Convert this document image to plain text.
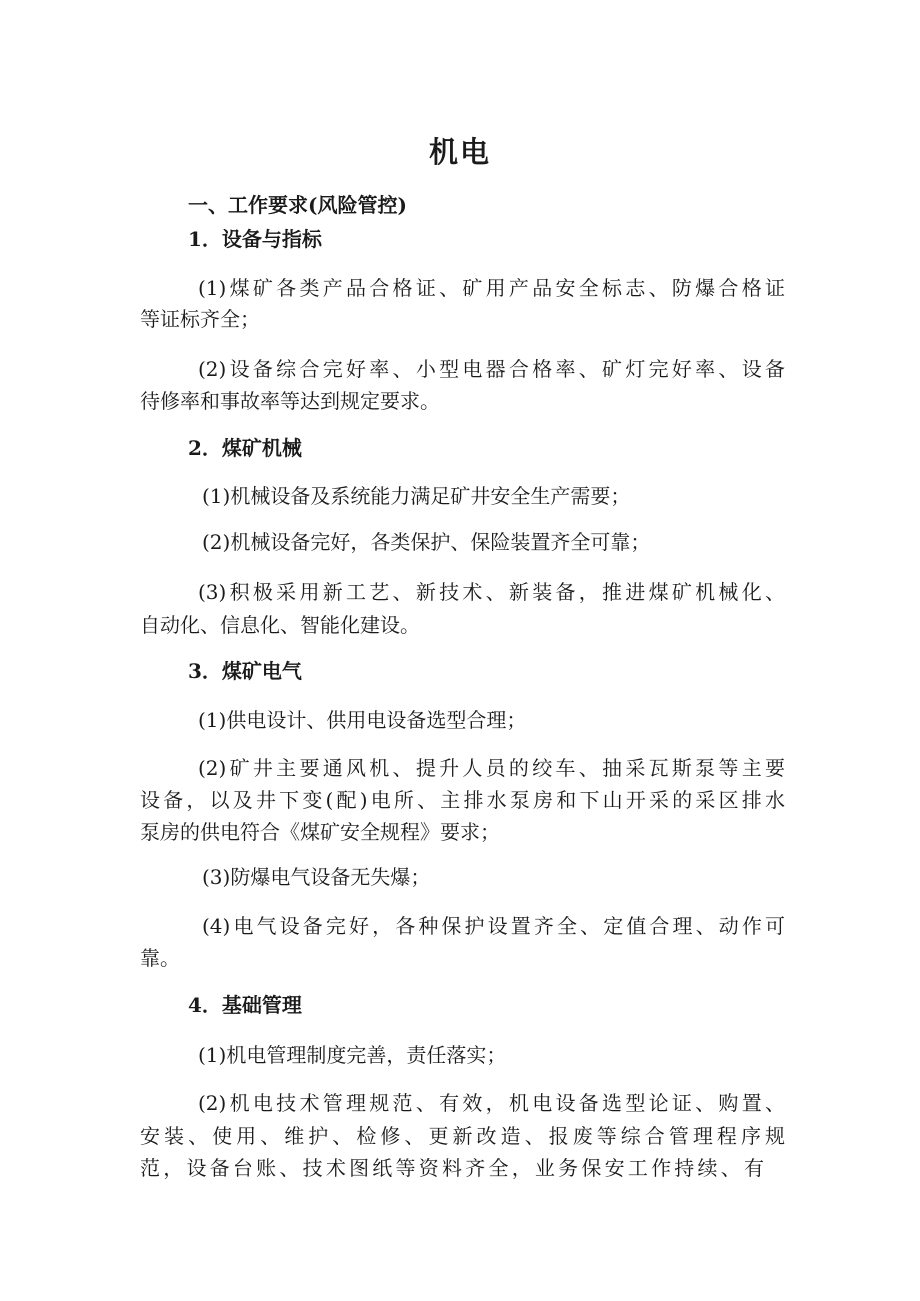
机电
一、工作要求(风险管控)
1．设备与指标
(1)煤矿各类产品合格证、矿用产品安全标志、防爆合格证
等证标齐全；
(2)设备综合完好率、小型电器合格率、矿灯完好率、设备
待修率和事故率等达到规定要求。
2．煤矿机械
(1)机械设备及系统能力满足矿井安全生产需要；
(2)机械设备完好，各类保护、保险装置齐全可靠；
(3)积极采用新工艺、新技术、新装备，推进煤矿机械化、
自动化、信息化、智能化建设。
3．煤矿电气
(1)供电设计、供用电设备选型合理；
(2)矿井主要通风机、提升人员的绞车、抽采瓦斯泵等主要
设备，以及井下变(配)电所、主排水泵房和下山开采的采区排水
泵房的供电符合《煤矿安全规程》要求；
(3)防爆电气设备无失爆；
(4)电气设备完好，各种保护设置齐全、定值合理、动作可
靠。
4．基础管理
(1)机电管理制度完善，责任落实；
(2)机电技术管理规范、有效，机电设备选型论证、购置、
安装、使用、维护、检修、更新改造、报废等综合管理程序规
范，设备台账、技术图纸等资料齐全，业务保安工作持续、有
